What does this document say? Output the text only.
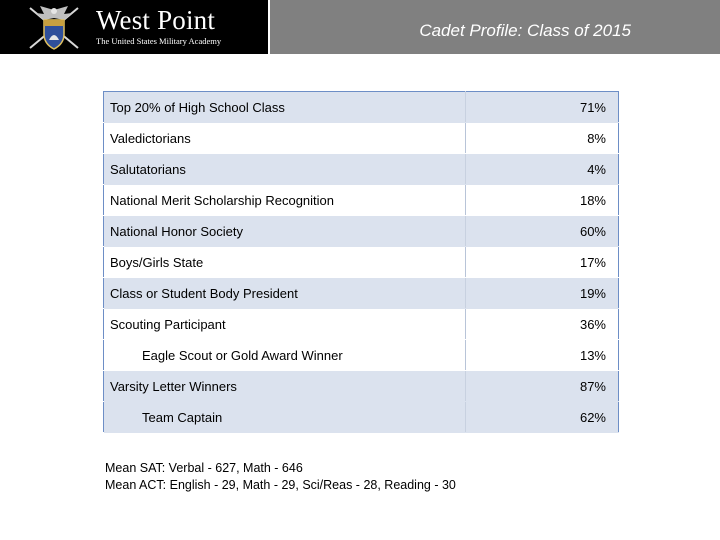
West Point
The United States Military Academy
Cadet Profile: Class of 2015
Top 20% of High School Class	71%
Valedictorians	8%
Salutatorians	4%
National Merit Scholarship Recognition	18%
National Honor Society	60%
Boys/Girls State	17%
Class or Student Body President	19%
Scouting Participant	36%
Eagle Scout or Gold Award Winner	13%
Varsity Letter Winners	87%
Team Captain	62%
Mean SAT: Verbal - 627, Math - 646
Mean ACT: English - 29, Math - 29, Sci/Reas - 28, Reading - 30
